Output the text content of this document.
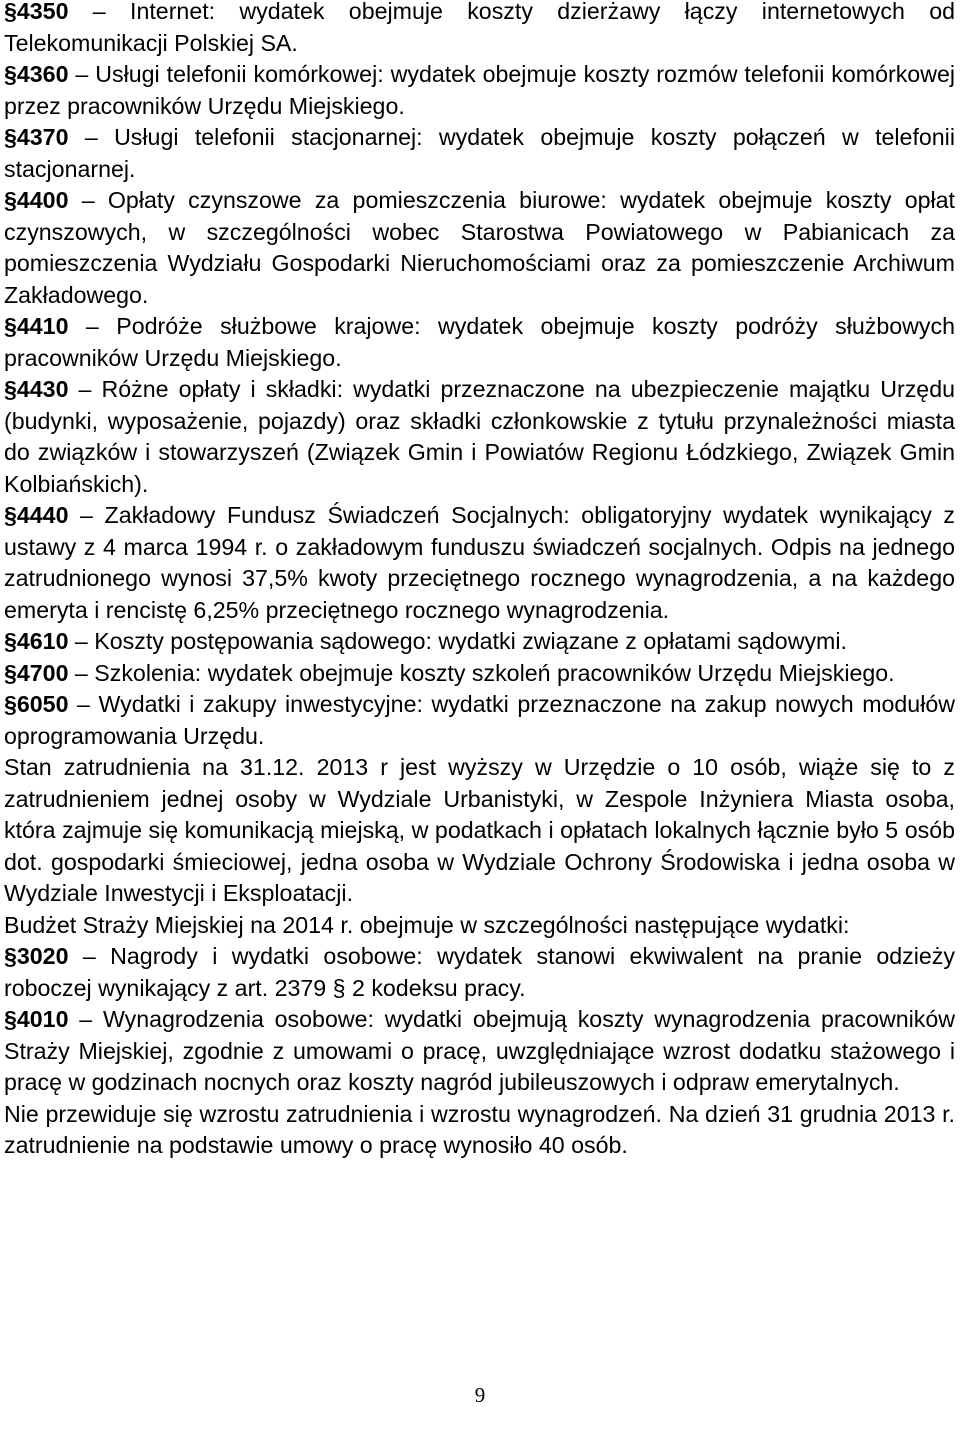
§4350 – Internet: wydatek obejmuje koszty dzierżawy łączy internetowych od Telekomunikacji Polskiej SA.

§4360 – Usługi telefonii komórkowej: wydatek obejmuje koszty rozmów telefonii komórkowej przez pracowników Urzędu Miejskiego.

§4370 – Usługi telefonii stacjonarnej: wydatek obejmuje koszty połączeń w telefonii stacjonarnej.

§4400 – Opłaty czynszowe za pomieszczenia biurowe: wydatek obejmuje koszty opłat czynszowych, w szczególności wobec Starostwa Powiatowego w Pabianicach za pomieszczenia Wydziału Gospodarki Nieruchomościami oraz za pomieszczenie Archiwum Zakładowego.

§4410 – Podróże służbowe krajowe: wydatek obejmuje koszty podróży służbowych pracowników Urzędu Miejskiego.

§4430 – Różne opłaty i składki: wydatki przeznaczone na ubezpieczenie majątku Urzędu (budynki, wyposażenie, pojazdy) oraz składki członkowskie z tytułu przynależności miasta do związków i stowarzyszeń (Związek Gmin i Powiatów Regionu Łódzkiego, Związek Gmin Kolbiańskich).

§4440 – Zakładowy Fundusz Świadczeń Socjalnych: obligatoryjny wydatek wynikający z ustawy z 4 marca 1994 r. o zakładowym funduszu świadczeń socjalnych. Odpis na jednego zatrudnionego wynosi 37,5% kwoty przeciętnego rocznego wynagrodzenia, a na każdego emeryta i rencistę 6,25% przeciętnego rocznego wynagrodzenia.

§4610 – Koszty postępowania sądowego: wydatki związane z opłatami sądowymi.

§4700 – Szkolenia: wydatek obejmuje koszty szkoleń pracowników Urzędu Miejskiego.

§6050 – Wydatki i zakupy inwestycyjne: wydatki przeznaczone na zakup nowych modułów oprogramowania Urzędu.

Stan zatrudnienia na 31.12. 2013 r jest wyższy w Urzędzie o 10 osób, wiąże się to z zatrudnieniem jednej osoby w Wydziale Urbanistyki, w Zespole Inżyniera Miasta osoba, która zajmuje się komunikacją miejską, w podatkach i opłatach lokalnych łącznie było 5 osób dot. gospodarki śmieciowej, jedna osoba w Wydziale Ochrony Środowiska i jedna osoba w Wydziale Inwestycji i Eksploatacji.

Budżet Straży Miejskiej na 2014 r. obejmuje w szczególności następujące wydatki:

§3020 – Nagrody i wydatki osobowe: wydatek stanowi ekwiwalent na pranie odzieży roboczej wynikający z art. 2379 § 2 kodeksu pracy.

§4010 – Wynagrodzenia osobowe: wydatki obejmują koszty wynagrodzenia pracowników Straży Miejskiej, zgodnie z umowami o pracę, uwzględniające wzrost dodatku stażowego i pracę w godzinach nocnych oraz koszty nagród jubileuszowych i odpraw emerytalnych.

Nie przewiduje się wzrostu zatrudnienia i wzrostu wynagrodzeń. Na dzień 31 grudnia 2013 r. zatrudnienie na podstawie umowy o pracę wynosiło 40 osób.

9
